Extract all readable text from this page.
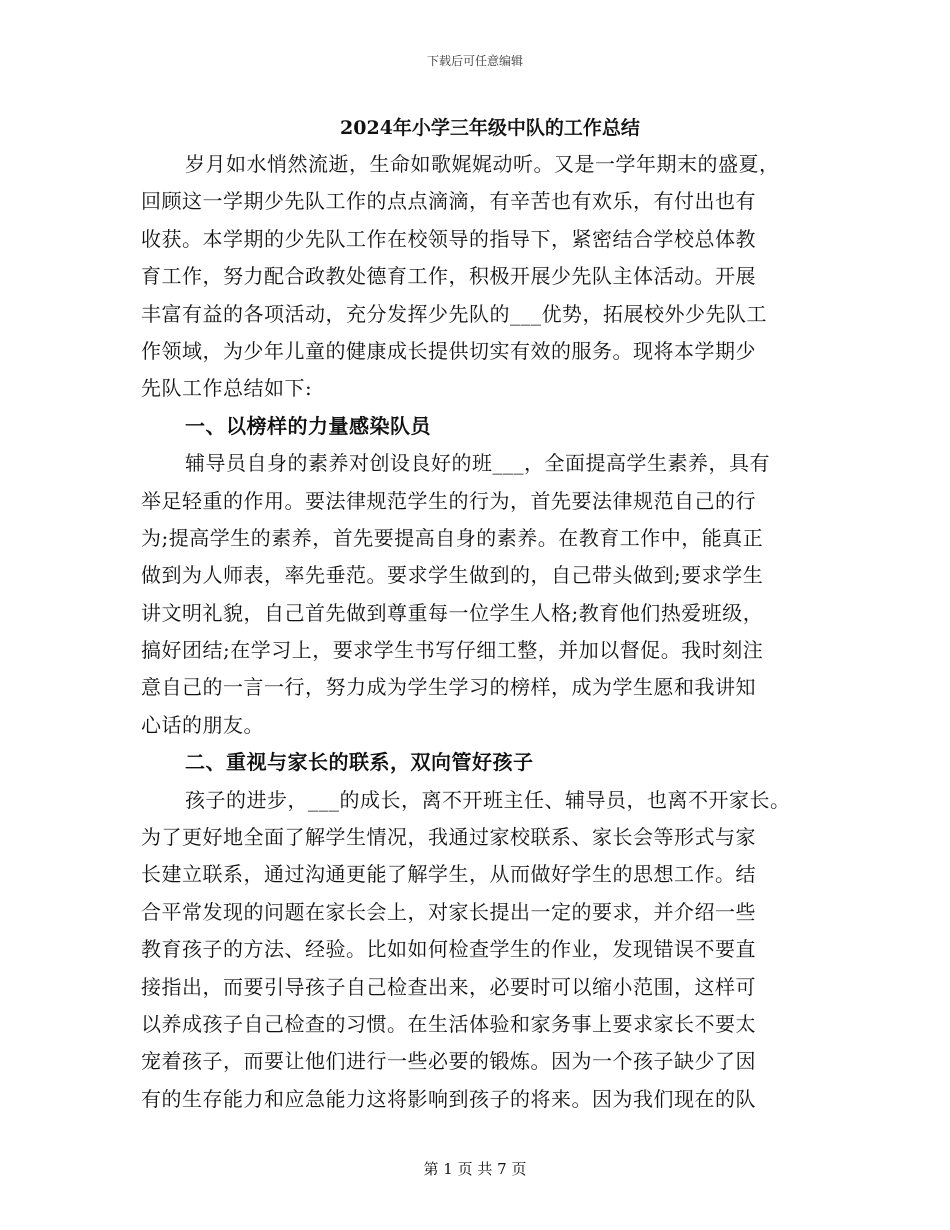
下载后可任意编辑
2024年小学三年级中队的工作总结
岁月如水悄然流逝，生命如歌娓娓动听。又是一学年期末的盛夏，
回顾这一学期少先队工作的点点滴滴，有辛苦也有欢乐，有付出也有
收获。本学期的少先队工作在校领导的指导下，紧密结合学校总体教
育工作，努力配合政教处德育工作，积极开展少先队主体活动。开展
丰富有益的各项活动，充分发挥少先队的___优势，拓展校外少先队工
作领域，为少年儿童的健康成长提供切实有效的服务。现将本学期少
先队工作总结如下:
一、以榜样的力量感染队员
辅导员自身的素养对创设良好的班___，全面提高学生素养，具有
举足轻重的作用。要法律规范学生的行为，首先要法律规范自己的行
为;提高学生的素养，首先要提高自身的素养。在教育工作中，能真正
做到为人师表，率先垂范。要求学生做到的，自己带头做到;要求学生
讲文明礼貌，自己首先做到尊重每一位学生人格;教育他们热爱班级，
搞好团结;在学习上，要求学生书写仔细工整，并加以督促。我时刻注
意自己的一言一行，努力成为学生学习的榜样，成为学生愿和我讲知
心话的朋友。
二、重视与家长的联系，双向管好孩子
孩子的进步，___的成长，离不开班主任、辅导员，也离不开家长。
为了更好地全面了解学生情况，我通过家校联系、家长会等形式与家
长建立联系，通过沟通更能了解学生，从而做好学生的思想工作。结
合平常发现的问题在家长会上，对家长提出一定的要求，并介绍一些
教育孩子的方法、经验。比如如何检查学生的作业，发现错误不要直
接指出，而要引导孩子自己检查出来，必要时可以缩小范围，这样可
以养成孩子自己检查的习惯。在生活体验和家务事上要求家长不要太
宠着孩子，而要让他们进行一些必要的锻炼。因为一个孩子缺少了因
有的生存能力和应急能力这将影响到孩子的将来。因为我们现在的队
第 1 页 共 7 页
